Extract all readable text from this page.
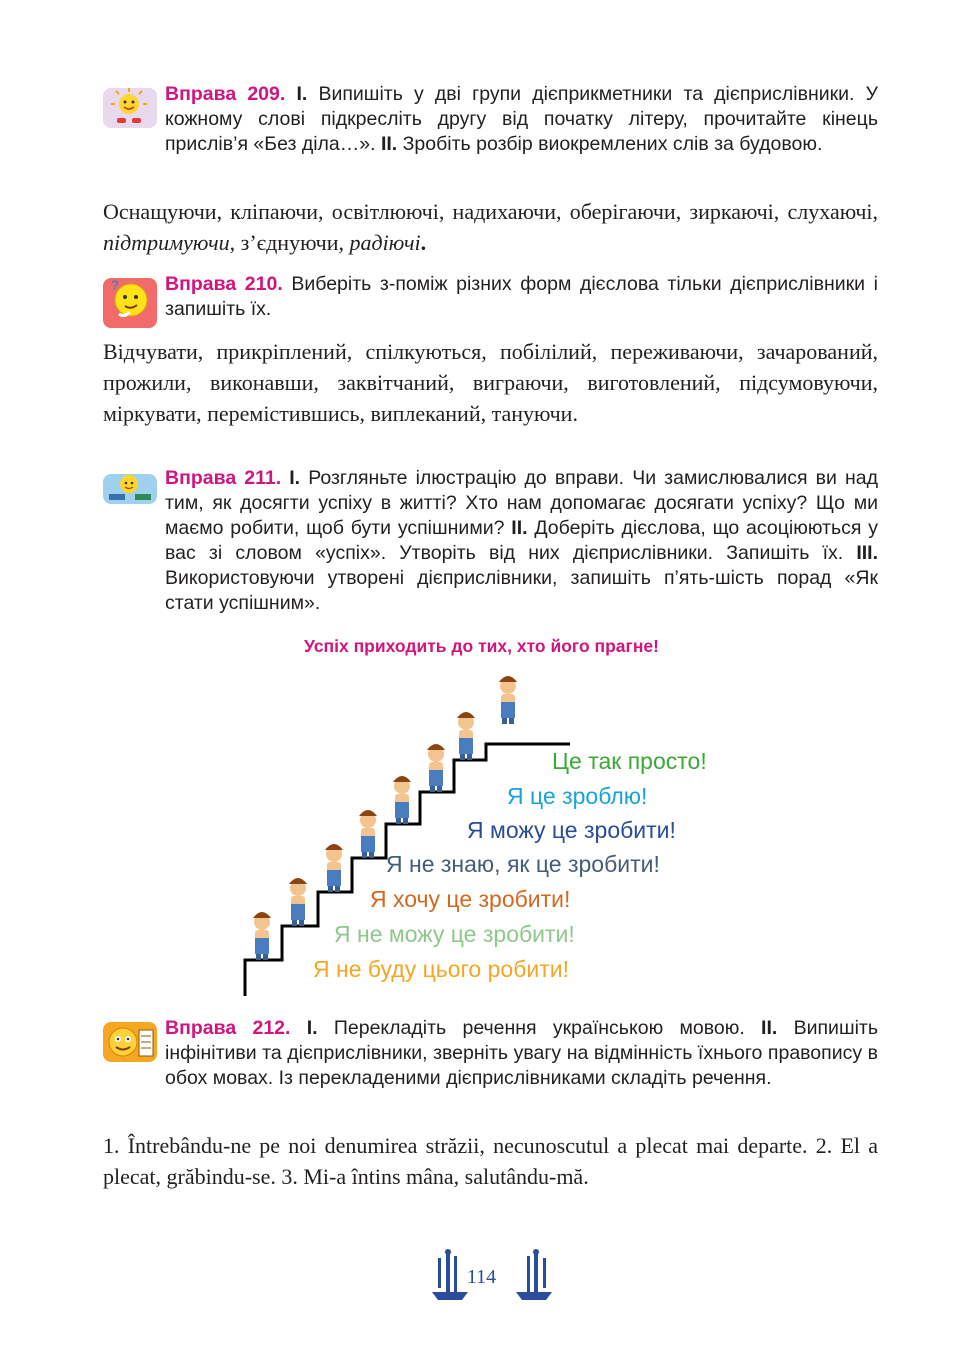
Вправа 209. I. Випишіть у дві групи дієприкметники та дієприслівники. У кожному слові підкресліть другу від початку літеру, прочитайте кінець прислів’я «Без діла…». II. Зробіть розбір виокремлених слів за будовою.
Оснащуючи, кліпаючи, освітлюючі, надихаючи, оберігаючи, зиркаючі, слухаючі, підтримуючи, з’єднуючи, радіючі.
? Вправа 210. Виберіть з-поміж різних форм дієслова тільки дієприслівники і запишіть їх.
Відчувати, прикріплений, спілкуються, побілілий, переживаючи, зачарований, прожили, виконавши, заквітчаний, виграючи, виготовлений, підсумовуючи, міркувати, перемістившись, виплеканий, тануючи.
Вправа 211. I. Розгляньте ілюстрацію до вправи. Чи замислювалися ви над тим, як досягти успіху в житті? Хто нам допомагає досягати успіху? Що ми маємо робити, щоб бути успішними? II. Доберіть дієслова, що асоціюються у вас зі словом «успіх». Утворіть від них дієприслівники. Запишіть їх. III. Використовуючи утворені дієприслівники, запишіть п’ять-шість порад «Як стати успішним».
Успіх приходить до тих, хто його прагне!
Це так просто!
Я це зроблю!
Я можу це зробити!
Я не знаю, як це зробити!
Я хочу це зробити!
Я не можу це зробити!
Я не буду цього робити!
Вправа 212. I. Перекладіть речення українською мовою. II. Випишіть інфінітиви та дієприслівники, зверніть увагу на відмінність їхнього правопису в обох мовах. Із перекладеними дієприслівниками складіть речення.
1. Întrebându-ne pe noi denumirea străzii, necunoscutul a plecat mai departe. 2. El a plecat, grăbindu-se. 3. Mi-a întins mâna, salutându-mă.
114
